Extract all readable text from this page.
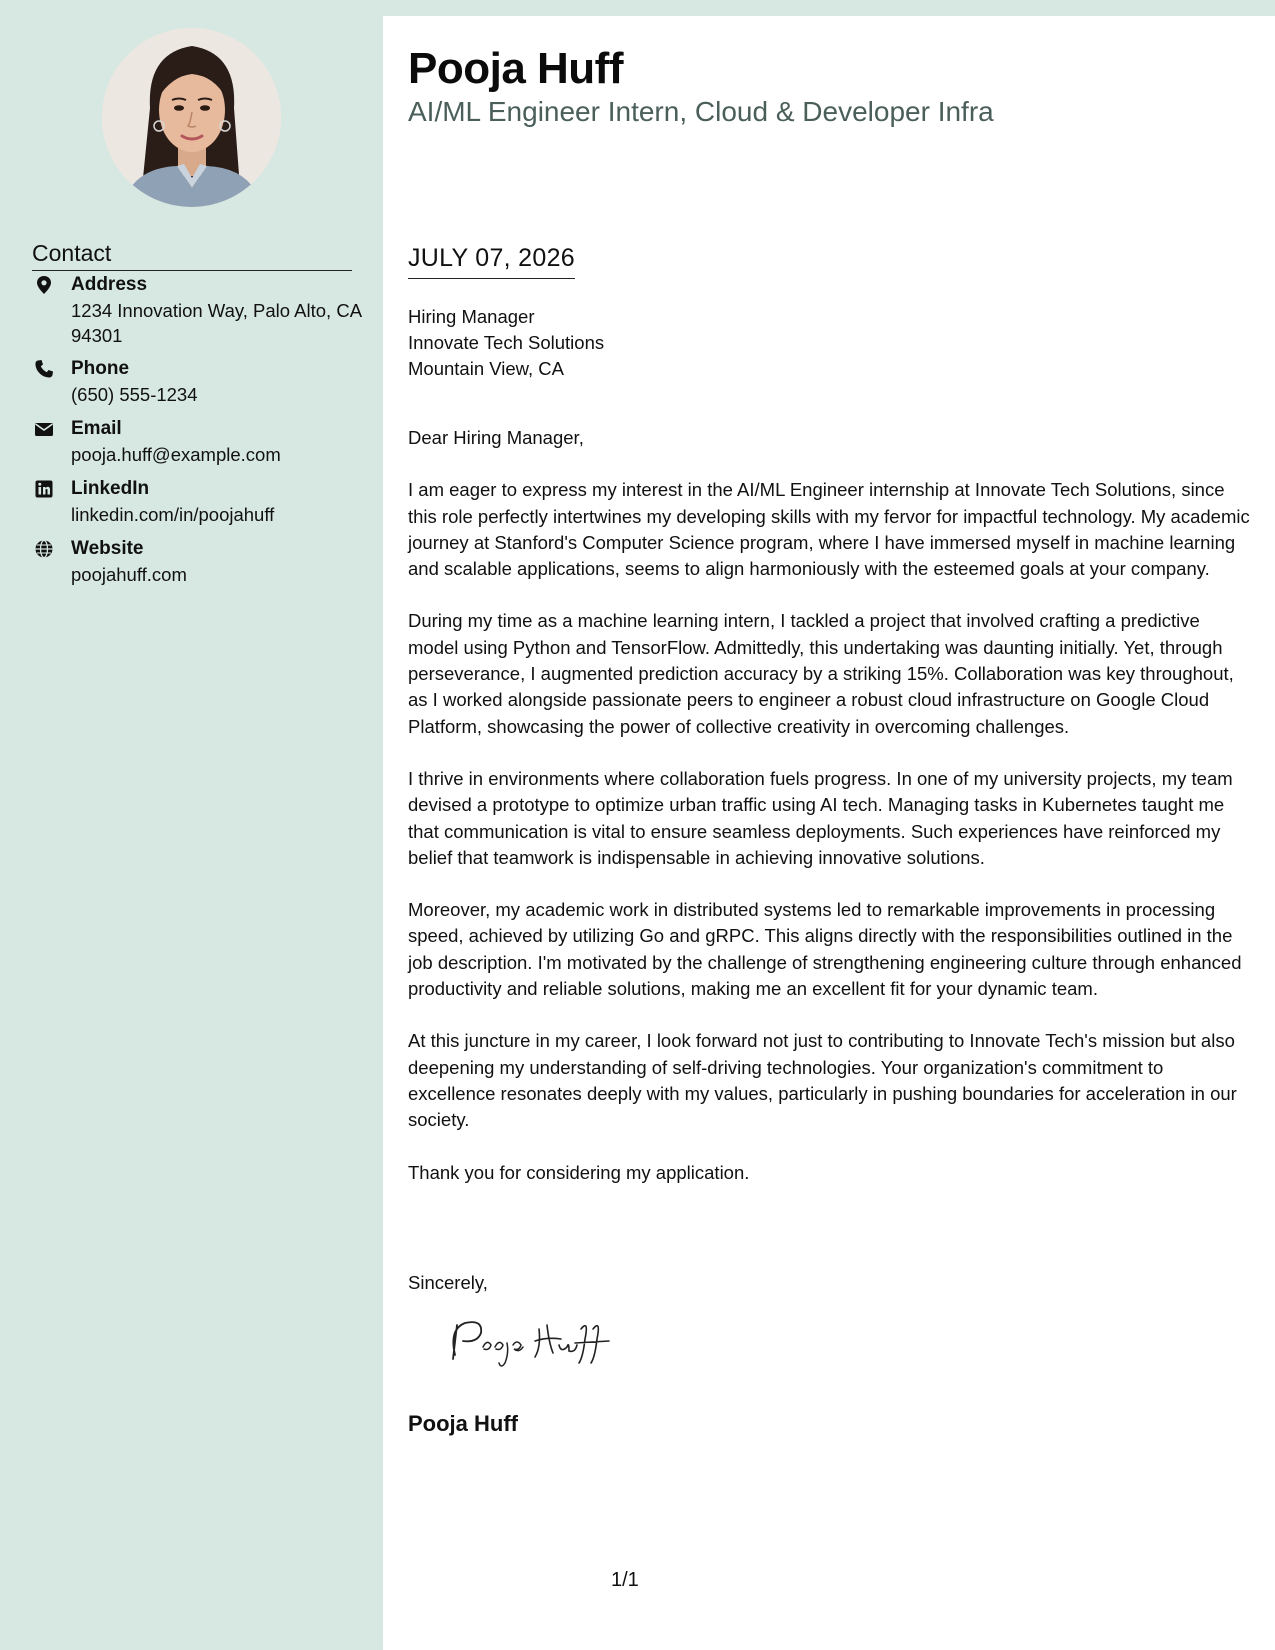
Contact
Address
1234 Innovation Way, Palo Alto, CA 94301
Phone
(650) 555-1234
Email
pooja.huff@example.com
LinkedIn
linkedin.com/in/poojahuff
Website
poojahuff.com
Pooja Huff
AI/ML Engineer Intern, Cloud & Developer Infra
JULY 07, 2026
Hiring Manager
Innovate Tech Solutions
Mountain View, CA

Dear Hiring Manager,

I am eager to express my interest in the AI/ML Engineer internship at Innovate Tech Solutions, since this role perfectly intertwines my developing skills with my fervor for impactful technology. My academic journey at Stanford's Computer Science program, where I have immersed myself in machine learning and scalable applications, seems to align harmoniously with the esteemed goals at your company.

During my time as a machine learning intern, I tackled a project that involved crafting a predictive model using Python and TensorFlow. Admittedly, this undertaking was daunting initially. Yet, through perseverance, I augmented prediction accuracy by a striking 15%. Collaboration was key throughout, as I worked alongside passionate peers to engineer a robust cloud infrastructure on Google Cloud Platform, showcasing the power of collective creativity in overcoming challenges.

I thrive in environments where collaboration fuels progress. In one of my university projects, my team devised a prototype to optimize urban traffic using AI tech. Managing tasks in Kubernetes taught me that communication is vital to ensure seamless deployments. Such experiences have reinforced my belief that teamwork is indispensable in achieving innovative solutions.

Moreover, my academic work in distributed systems led to remarkable improvements in processing speed, achieved by utilizing Go and gRPC. This aligns directly with the responsibilities outlined in the job description. I'm motivated by the challenge of strengthening engineering culture through enhanced productivity and reliable solutions, making me an excellent fit for your dynamic team.

At this juncture in my career, I look forward not just to contributing to Innovate Tech's mission but also deepening my understanding of self-driving technologies. Your organization's commitment to excellence resonates deeply with my values, particularly in pushing boundaries for acceleration in our society.

Thank you for considering my application.

Sincerely,
Pooja Huff
1/1
